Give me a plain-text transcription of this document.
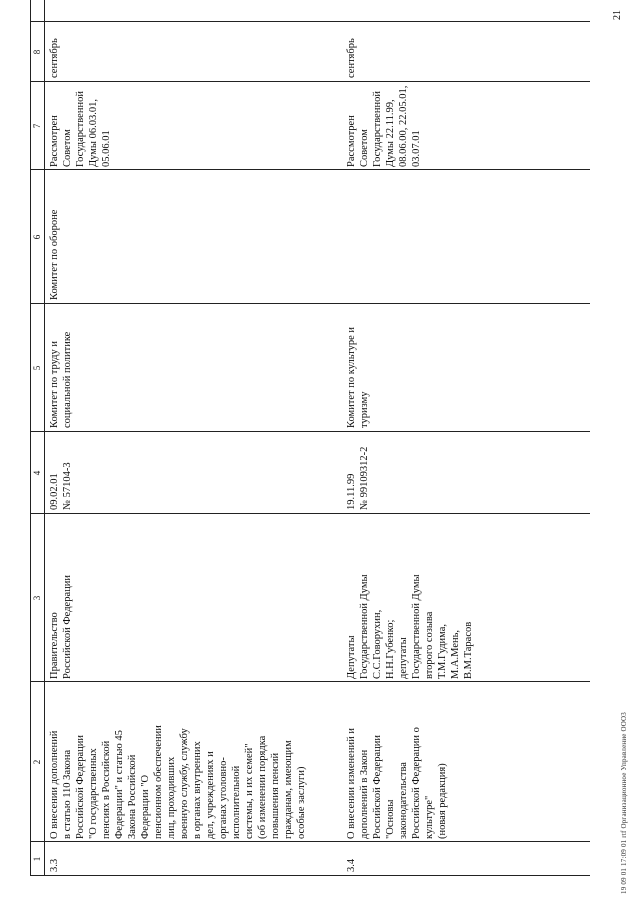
1
2
3
4
5
6
7
8
3.3
О внесении дополнений
в статью 110 Закона
Российской Федерации
"О государственных
пенсиях в Российской
Федерации" и статью 45
Закона Российской
Федерации "О
пенсионном обеспечении
лиц, проходивших
военную службу, службу
в органах внутренних
дел, учреждениях и
органах уголовно-
исполнительной
системы, и их семей"
(об изменении порядка
повышения пенсий
гражданам, имеющим
особые заслуги)
Правительство
Российской Федерации
09.02.01
№ 57104-3
Комитет по труду и
социальной политике
Комитет по обороне
Рассмотрен
Советом
Государственной
Думы 06.03.01,
05.06.01
сентябрь
3.4
О внесении изменений и
дополнений в Закон
Российской Федерации
"Основы
законодательства
Российской Федерации о
культуре"
(новая редакция)
Депутаты
Государственной Думы
С.С.Говорухин,
Н.Н.Губенко;
депутаты
Государственной Думы
второго созыва
Т.М.Гудима,
М.А.Мень,
В.М.Тарасов
19.11.99
№ 99109312-2
Комитет по культуре и
туризму
Рассмотрен
Советом
Государственной
Думы 22.11.99,
08.06.00, 22.05.01,
03.07.01
сентябрь
19 09 01 17:09 01 rtf Организационное Управление ООО3
21
